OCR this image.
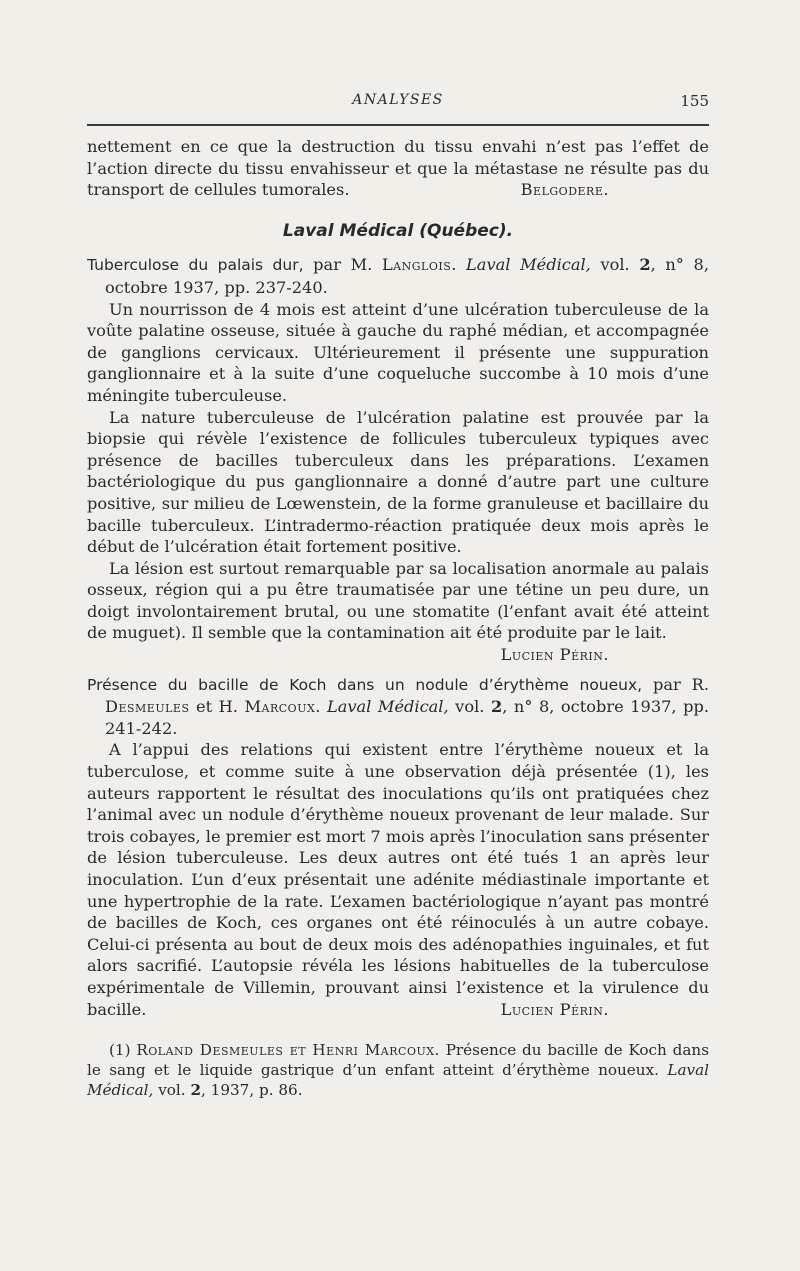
ANALYSES	155

nettement en ce que la destruction du tissu envahi n’est pas l’effet de l’action directe du tissu envahisseur et que la métastase ne résulte pas du transport de cellules tumorales.	Belgodere.

Laval Médical (Québec).

Tuberculose du palais dur, par M. Langlois. Laval Médical, vol. 2, n° 8, octobre 1937, pp. 237-240.

Un nourrisson de 4 mois est atteint d’une ulcération tuberculeuse de la voûte palatine osseuse, située à gauche du raphé médian, et accompagnée de ganglions cervicaux. Ultérieurement il présente une suppuration ganglionnaire et à la suite d’une coqueluche succombe à 10 mois d’une méningite tuberculeuse.

La nature tuberculeuse de l’ulcération palatine est prouvée par la biopsie qui révèle l’existence de follicules tuberculeux typiques avec présence de bacilles tuberculeux dans les préparations. L’examen bactériologique du pus ganglionnaire a donné d’autre part une culture positive, sur milieu de Lœwenstein, de la forme granuleuse et bacillaire du bacille tuberculeux. L’intradermo-réaction pratiquée deux mois après le début de l’ulcération était fortement positive.

La lésion est surtout remarquable par sa localisation anormale au palais osseux, région qui a pu être traumatisée par une tétine un peu dure, un doigt involontairement brutal, ou une stomatite (l’enfant avait été atteint de muguet). Il semble que la contamination ait été produite par le lait.
Lucien Périn.

Présence du bacille de Koch dans un nodule d’érythème noueux, par R. Desmeules et H. Marcoux. Laval Médical, vol. 2, n° 8, octobre 1937, pp. 241-242.

A l’appui des relations qui existent entre l’érythème noueux et la tuberculose, et comme suite à une observation déjà présentée (1), les auteurs rapportent le résultat des inoculations qu’ils ont pratiquées chez l’animal avec un nodule d’érythème noueux provenant de leur malade. Sur trois cobayes, le premier est mort 7 mois après l’inoculation sans présenter de lésion tuberculeuse. Les deux autres ont été tués 1 an après leur inoculation. L’un d’eux présentait une adénite médiastinale importante et une hypertrophie de la rate. L’examen bactériologique n’ayant pas montré de bacilles de Koch, ces organes ont été réinoculés à un autre cobaye. Celui-ci présenta au bout de deux mois des adénopathies inguinales, et fut alors sacrifié. L’autopsie révéla les lésions habituelles de la tuberculose expérimentale de Villemin, prouvant ainsi l’existence et la virulence du bacille.	Lucien Périn.

(1) Roland Desmeules et Henri Marcoux. Présence du bacille de Koch dans le sang et le liquide gastrique d’un enfant atteint d’érythème noueux. Laval Médical, vol. 2, 1937, p. 86.
